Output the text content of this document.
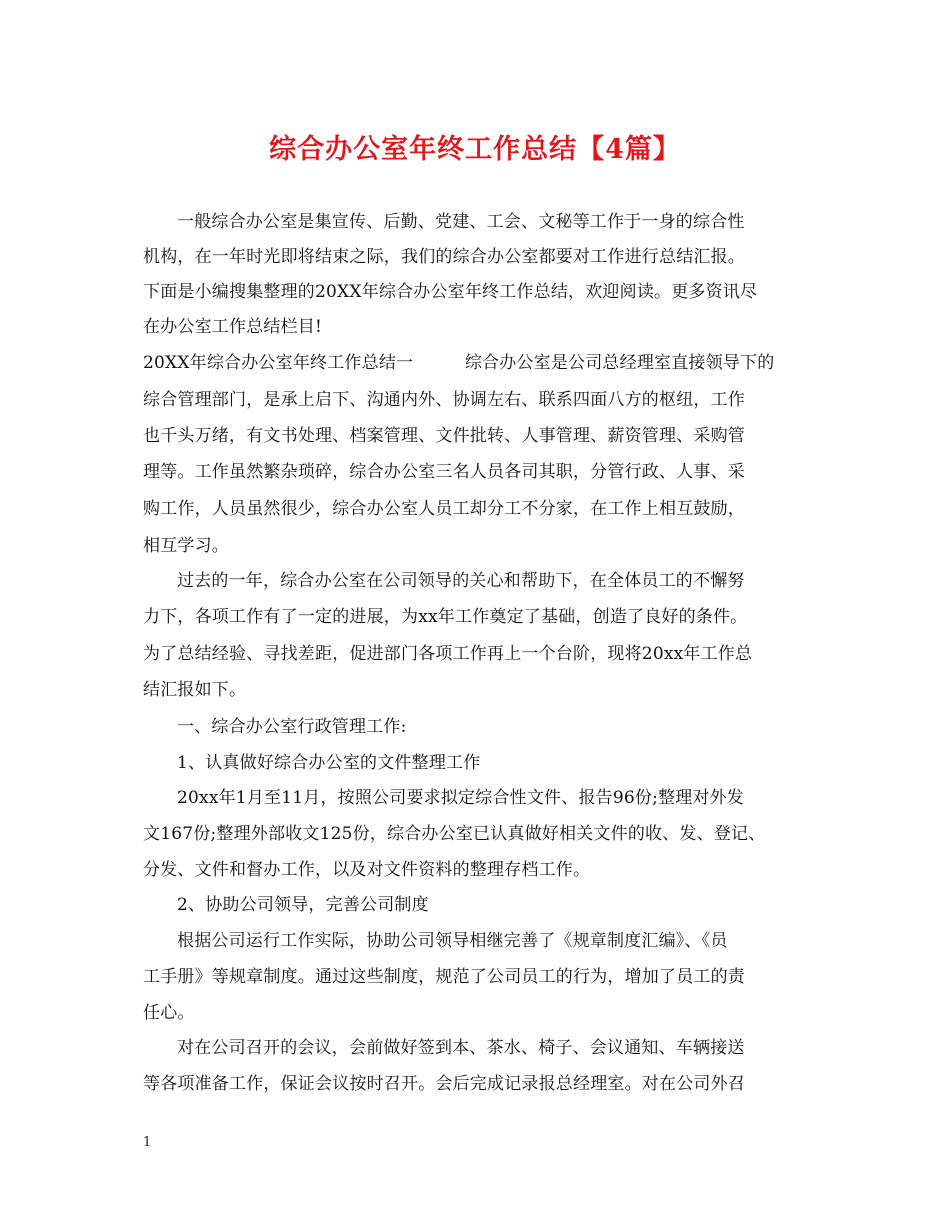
综合办公室年终工作总结【4篇】
一般综合办公室是集宣传、后勤、党建、工会、文秘等工作于一身的综合性
机构，在一年时光即将结束之际，我们的综合办公室都要对工作进行总结汇报。
下面是小编搜集整理的20XX年综合办公室年终工作总结，欢迎阅读。更多资讯尽
在办公室工作总结栏目!
20XX年综合办公室年终工作总结一　　　综合办公室是公司总经理室直接领导下的
综合管理部门，是承上启下、沟通内外、协调左右、联系四面八方的枢纽，工作
也千头万绪，有文书处理、档案管理、文件批转、人事管理、薪资管理、采购管
理等。工作虽然繁杂琐碎，综合办公室三名人员各司其职，分管行政、人事、采
购工作，人员虽然很少，综合办公室人员工却分工不分家，在工作上相互鼓励，
相互学习。
过去的一年，综合办公室在公司领导的关心和帮助下，在全体员工的不懈努
力下，各项工作有了一定的进展，为xx年工作奠定了基础，创造了良好的条件。
为了总结经验、寻找差距，促进部门各项工作再上一个台阶，现将20xx年工作总
结汇报如下。
一、综合办公室行政管理工作:
1、认真做好综合办公室的文件整理工作
20xx年1月至11月，按照公司要求拟定综合性文件、报告96份;整理对外发
文167份;整理外部收文125份，综合办公室已认真做好相关文件的收、发、登记、
分发、文件和督办工作，以及对文件资料的整理存档工作。
2、协助公司领导，完善公司制度
根据公司运行工作实际，协助公司领导相继完善了《规章制度汇编》、《员
工手册》等规章制度。通过这些制度，规范了公司员工的行为，增加了员工的责
任心。
对在公司召开的会议，会前做好签到本、茶水、椅子、会议通知、车辆接送
等各项准备工作，保证会议按时召开。会后完成记录报总经理室。对在公司外召
1
